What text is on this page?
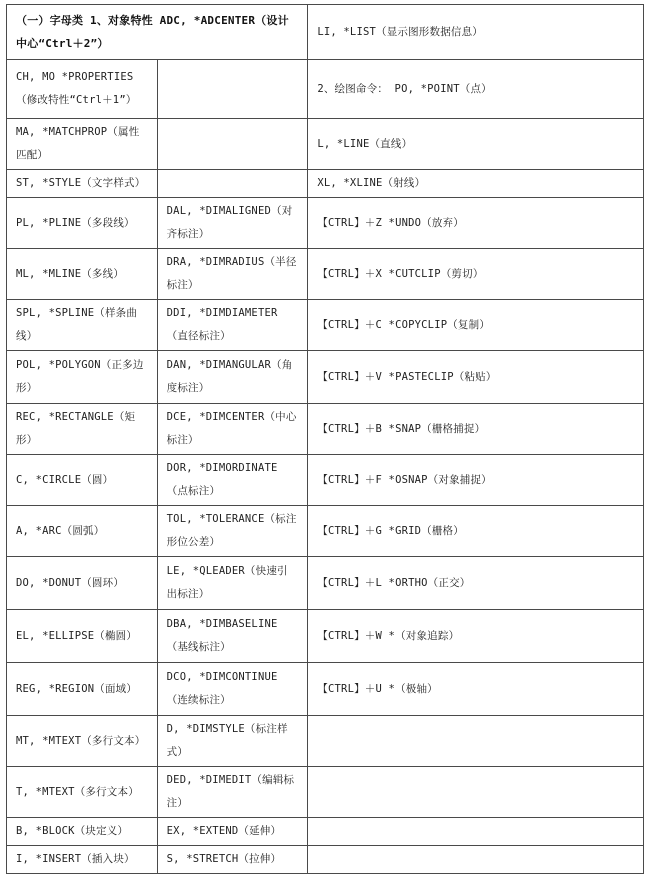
（一）字母类 1、对象特性 ADC, *ADCENTER（设计中心“Ctrl＋2”）		LI, *LIST（显示图形数据信息）
CH, MO *PROPERTIES（修改特性“Ctrl＋1”）		2、绘图命令： PO, *POINT（点）
MA, *MATCHPROP（属性匹配）		L, *LINE（直线）
ST, *STYLE（文字样式）		XL, *XLINE（射线）
PL, *PLINE（多段线）	DAL, *DIMALIGNED（对齐标注）	【CTRL】＋Z *UNDO（放弃）
ML, *MLINE（多线）	DRA, *DIMRADIUS（半径标注）	【CTRL】＋X *CUTCLIP（剪切）
SPL, *SPLINE（样条曲线）	DDI, *DIMDIAMETER（直径标注）	【CTRL】＋C *COPYCLIP（复制）
POL, *POLYGON（正多边形）	DAN, *DIMANGULAR（角度标注）	【CTRL】＋V *PASTECLIP（粘贴）
REC, *RECTANGLE（矩形）	DCE, *DIMCENTER（中心标注）	【CTRL】＋B *SNAP（栅格捕捉）
C, *CIRCLE（圆）	DOR, *DIMORDINATE（点标注）	【CTRL】＋F *OSNAP（对象捕捉）
A, *ARC（圆弧）	TOL, *TOLERANCE（标注形位公差）	【CTRL】＋G *GRID（栅格）
DO, *DONUT（圆环）	LE, *QLEADER（快速引出标注）	【CTRL】＋L *ORTHO（正交）
EL, *ELLIPSE（椭圆）	DBA, *DIMBASELINE（基线标注）	【CTRL】＋W *（对象追踪）
REG, *REGION（面域）	DCO, *DIMCONTINUE（连续标注）	【CTRL】＋U *（极轴）
MT, *MTEXT（多行文本）	D, *DIMSTYLE（标注样式）	
T, *MTEXT（多行文本）	DED, *DIMEDIT（编辑标注）	
B, *BLOCK（块定义）	EX, *EXTEND（延伸）	
I, *INSERT（插入块）	S, *STRETCH（拉伸）	
